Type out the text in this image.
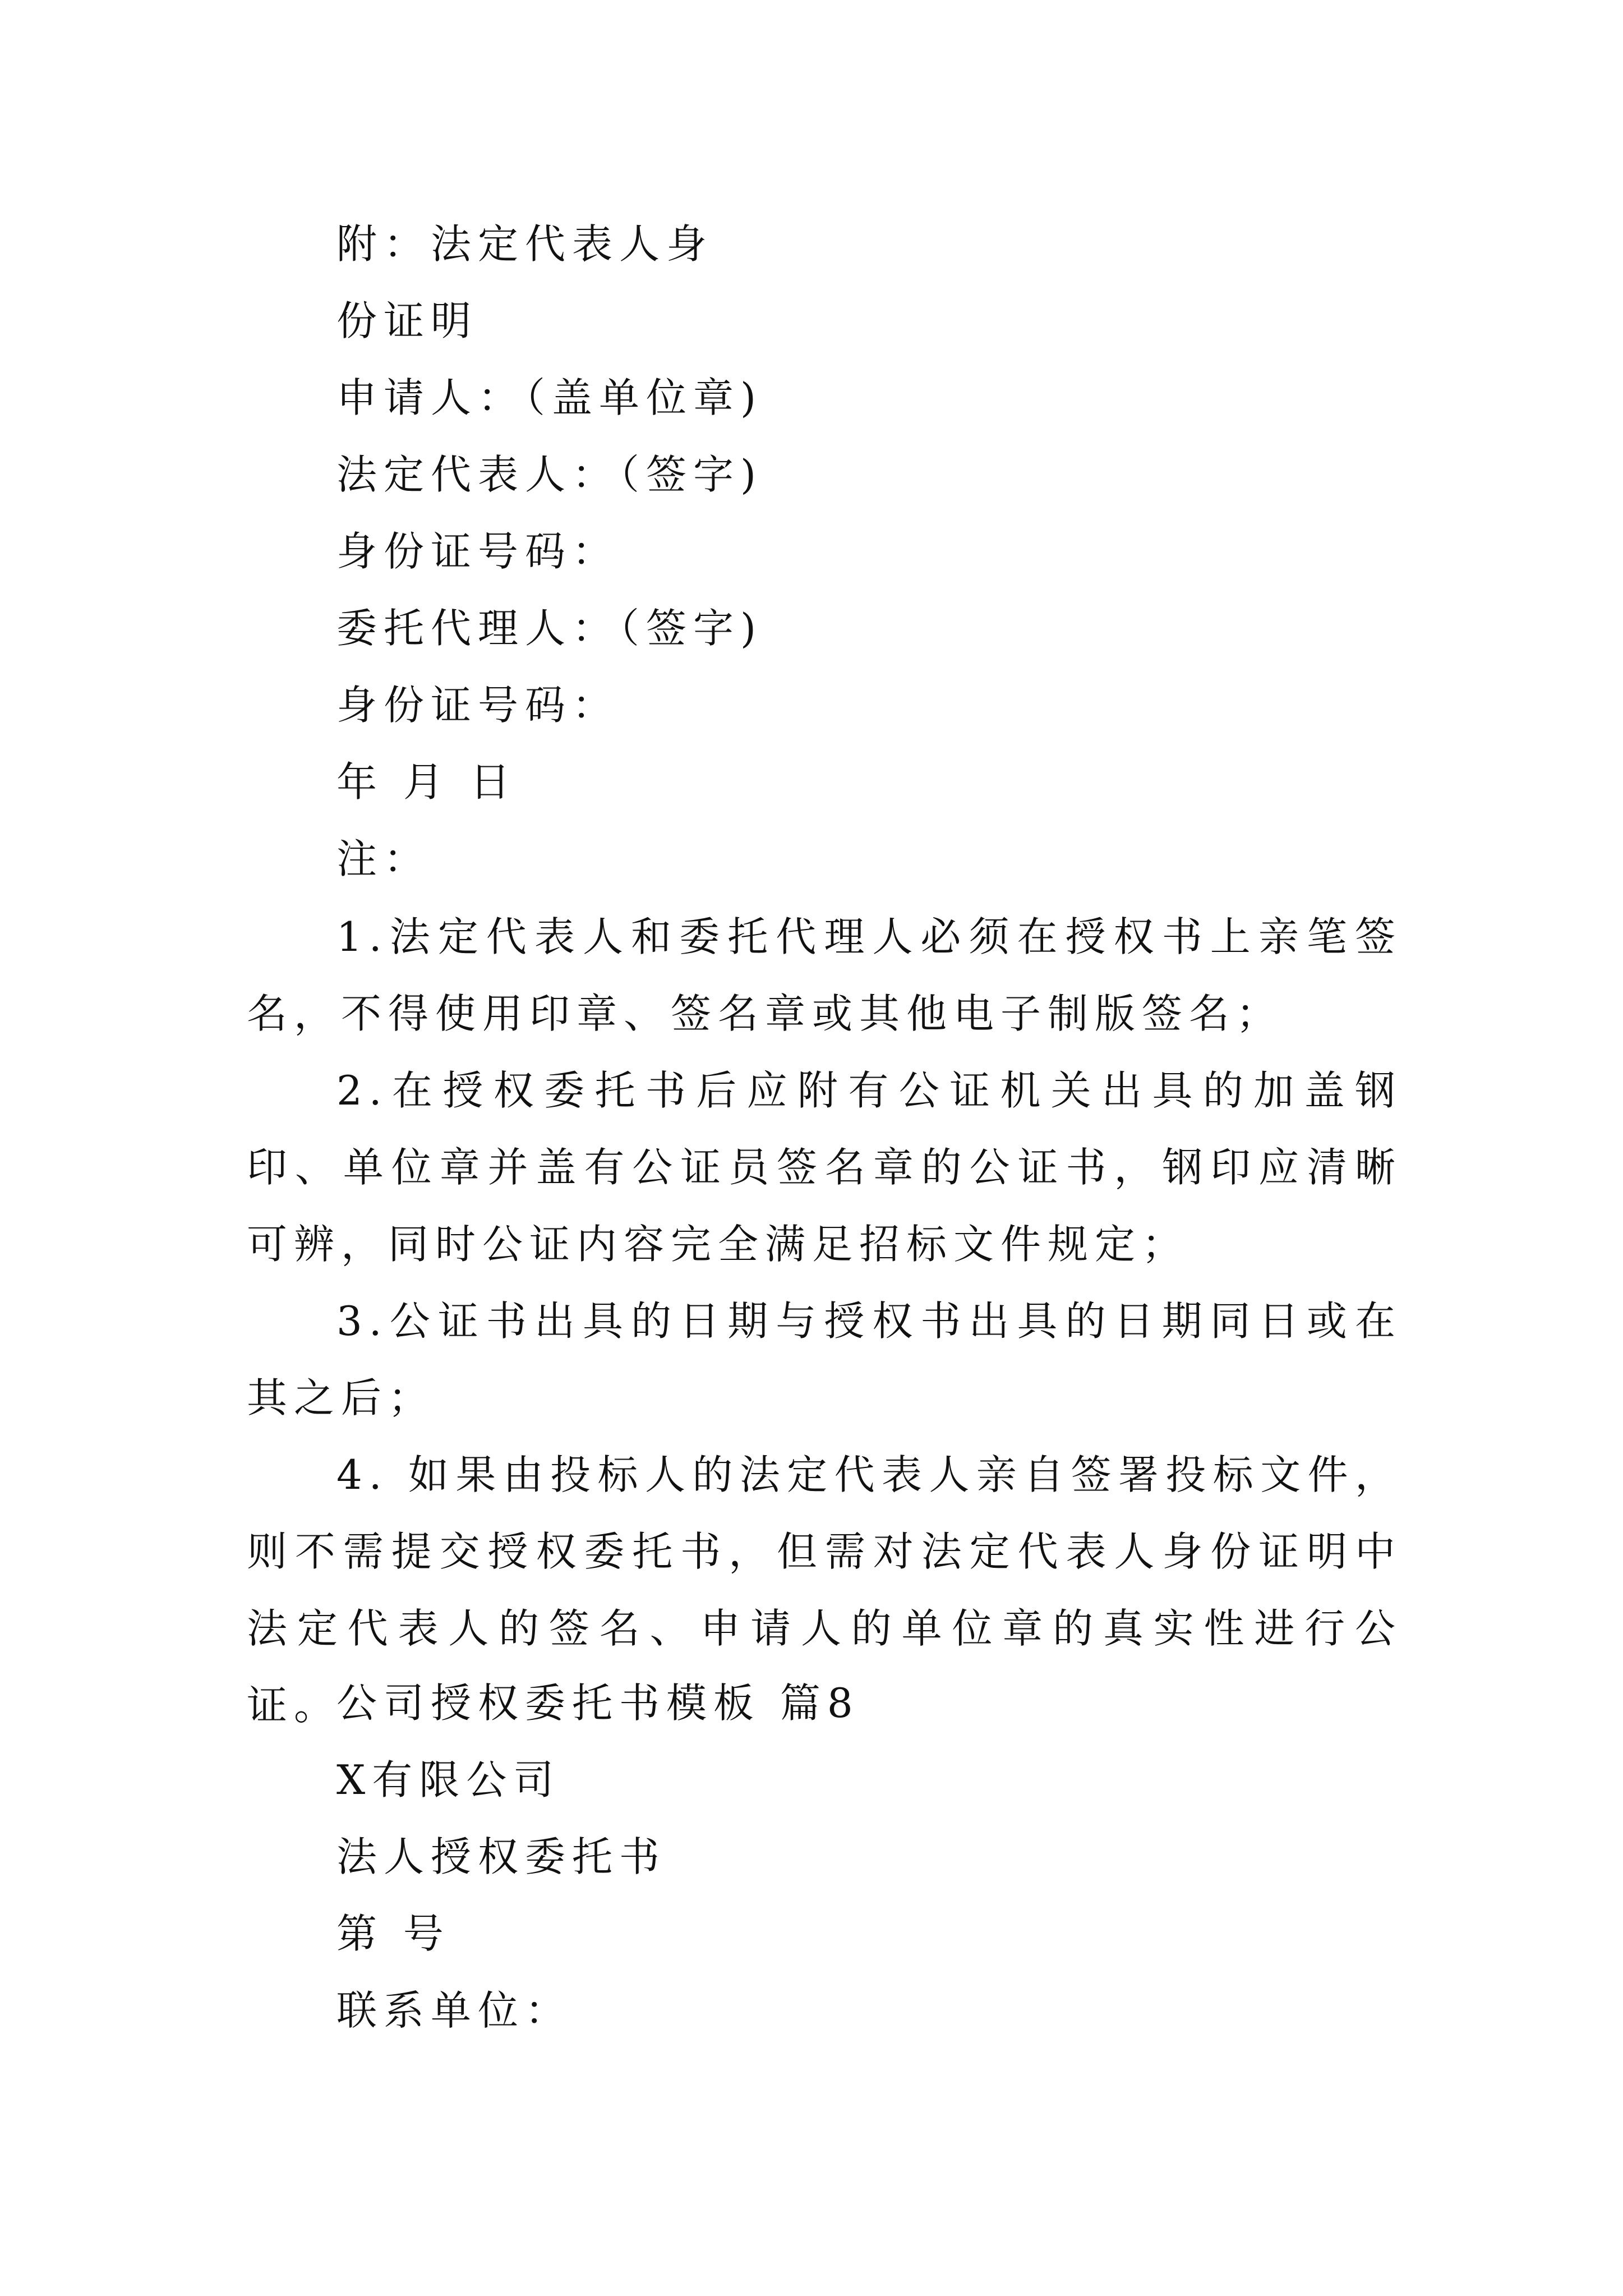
附：法定代表人身
份证明
申请人：（盖单位章)
法定代表人：（签字)
身份证号码：
委托代理人：（签字)
身份证号码：
年 月 日
注：
1.法定代表人和委托代理人必须在授权书上亲笔签名，不得使用印章、签名章或其他电子制版签名；
2.在授权委托书后应附有公证机关出具的加盖钢印、单位章并盖有公证员签名章的公证书，钢印应清晰可辨，同时公证内容完全满足招标文件规定；
3.公证书出具的日期与授权书出具的日期同日或在其之后；
4. 如果由投标人的法定代表人亲自签署投标文件，则不需提交授权委托书，但需对法定代表人身份证明中法定代表人的签名、申请人的单位章的真实性进行公证。
公司授权委托书模板 篇8
X有限公司
法人授权委托书
第 号
联系单位：
